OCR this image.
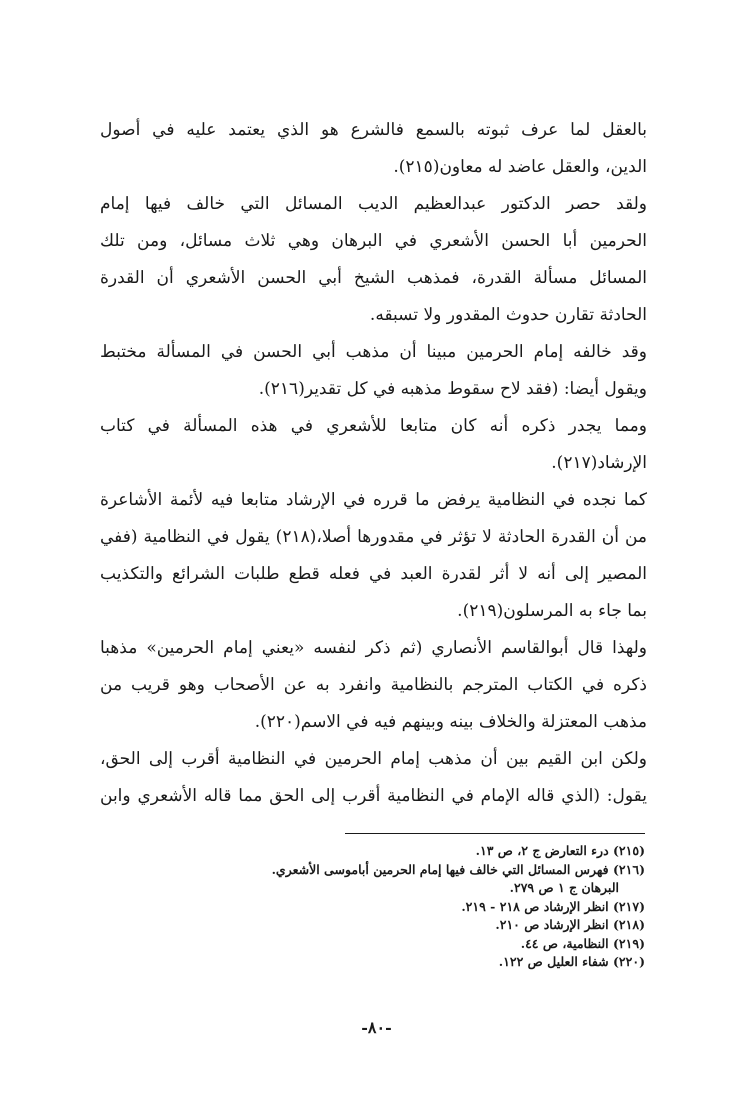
بالعقل لما عرف ثبوته بالسمع فالشرع هو الذي يعتمد عليه في أصول
الدين، والعقل عاضد له معاون(٢١٥).
ولقد حصر الدكتور عبدالعظيم الديب المسائل التي خالف فيها إمام
الحرمين أبا الحسن الأشعري في البرهان وهي ثلاث مسائل، ومن تلك
المسائل مسألة القدرة، فمذهب الشيخ أبي الحسن الأشعري أن القدرة
الحادثة تقارن حدوث المقدور ولا تسبقه.
وقد خالفه إمام الحرمين مبينا أن مذهب أبي الحسن في المسألة مختبط
ويقول أيضا: (فقد لاح سقوط مذهبه في كل تقدير(٢١٦).
ومما يجدر ذكره أنه كان متابعا للأشعري في هذه المسألة في كتاب
الإرشاد(٢١٧).
كما نجده في النظامية يرفض ما قرره في الإرشاد متابعا فيه لأئمة الأشاعرة
من أن القدرة الحادثة لا تؤثر في مقدورها أصلا،(٢١٨) يقول في النظامية (ففي
المصير إلى أنه لا أثر لقدرة العبد في فعله قطع طلبات الشرائع والتكذيب
بما جاء به المرسلون(٢١٩).
ولهذا قال أبوالقاسم الأنصاري (ثم ذكر لنفسه «يعني إمام الحرمين» مذهبا
ذكره في الكتاب المترجم بالنظامية وانفرد به عن الأصحاب وهو قريب من
مذهب المعتزلة والخلاف بينه وبينهم فيه في الاسم(٢٢٠).
ولكن ابن القيم بين أن مذهب إمام الحرمين في النظامية أقرب إلى الحق،
يقول: (الذي قاله الإمام في النظامية أقرب إلى الحق مما قاله الأشعري وابن
(٢١٥) درء التعارض ج ٢، ص ١٣.
(٢١٦) فهرس المسائل التي خالف فيها إمام الحرمين أباموسى الأشعري.
البرهان ج ١ ص ٢٧٩.
(٢١٧) انظر الإرشاد ص ٢١٨ - ٢١٩.
(٢١٨) انظر الإرشاد ص ٢١٠.
(٢١٩) النظامية، ص ٤٤.
(٢٢٠) شفاء العليل ص ١٢٢.
-٨٠-
